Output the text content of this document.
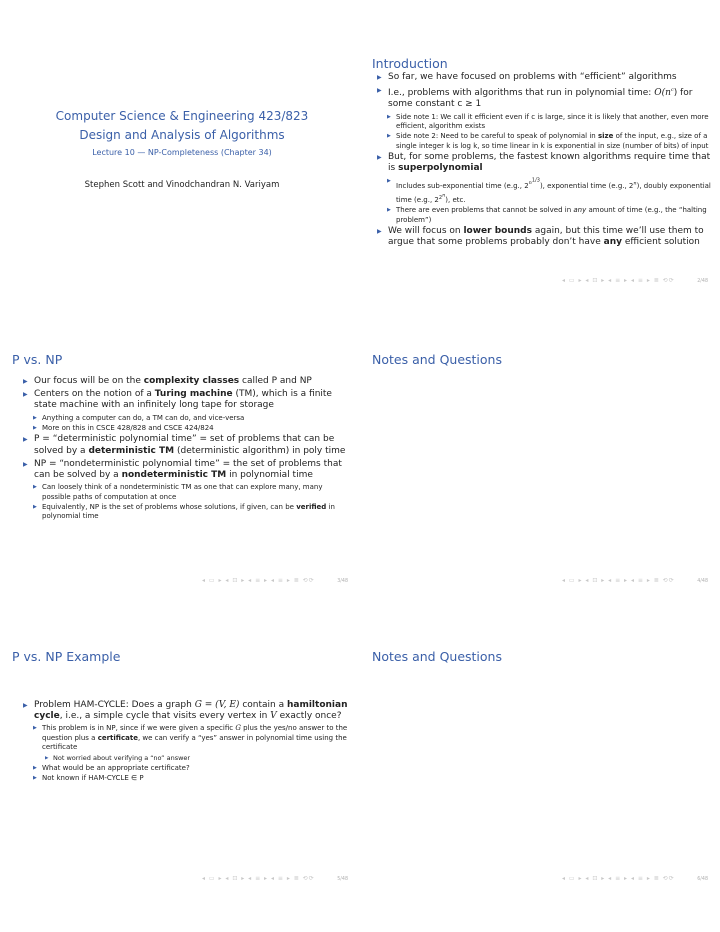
Computer Science & Engineering 423/823
Design and Analysis of Algorithms
Lecture 10 — NP-Completeness (Chapter 34)
Stephen Scott and Vinodchandran N. Variyam
Introduction
▶ So far, we have focused on problems with “efficient” algorithms
▶ I.e., problems with algorithms that run in polynomial time: $O(n^c)$ for some constant c ≥ 1
▶ Side note 1: We call it efficient even if c is large, since it is likely that another, even more efficient, algorithm exists
▶ Side note 2: Need to be careful to speak of polynomial in size of the input, e.g., size of a single integer k is log k, so time linear in k is exponential in size (number of bits) of input
▶ But, for some problems, the fastest known algorithms require time that is superpolynomial
▶ Includes sub-exponential time (e.g., $2^{n^{1/3}}$), exponential time (e.g., 2$^n$), doubly exponential time (e.g., $2^{2^n}$), etc.
▶ There are even problems that cannot be solved in any amount of time (e.g., the “halting problem”)
▶ We will focus on lower bounds again, but this time we’ll use them to argue that some problems probably don’t have any efficient solution
◂ ▭ ▸ ◂ ⊡ ▸ ◂ ≡ ▸ ◂ ≡ ▸ ≣ ⟲⟳	2/48
P vs. NP
▶ Our focus will be on the complexity classes called P and NP
▶ Centers on the notion of a Turing machine (TM), which is a finite state machine with an infinitely long tape for storage
▶ Anything a computer can do, a TM can do, and vice-versa
▶ More on this in CSCE 428/828 and CSCE 424/824
▶ P = “deterministic polynomial time” = set of problems that can be solved by a deterministic TM (deterministic algorithm) in poly time
▶ NP = “nondeterministic polynomial time” = the set of problems that can be solved by a nondeterministic TM in polynomial time
▶ Can loosely think of a nondeterministic TM as one that can explore many, many possible paths of computation at once
▶ Equivalently, NP is the set of problems whose solutions, if given, can be verified in polynomial time
◂ ▭ ▸ ◂ ⊡ ▸ ◂ ≡ ▸ ◂ ≡ ▸ ≣ ⟲⟳	3/48
Notes and Questions
◂ ▭ ▸ ◂ ⊡ ▸ ◂ ≡ ▸ ◂ ≡ ▸ ≣ ⟲⟳	4/48
P vs. NP Example
▶ Problem HAM-CYCLE: Does a graph G = (V, E) contain a hamiltonian cycle, i.e., a simple cycle that visits every vertex in V exactly once?
▶ This problem is in NP, since if we were given a specific G plus the yes/no answer to the question plus a certificate, we can verify a “yes” answer in polynomial time using the certificate
▶ Not worried about verifying a “no” answer
▶ What would be an appropriate certificate?
▶ Not known if HAM-CYCLE ∈ P
◂ ▭ ▸ ◂ ⊡ ▸ ◂ ≡ ▸ ◂ ≡ ▸ ≣ ⟲⟳	5/48
Notes and Questions
◂ ▭ ▸ ◂ ⊡ ▸ ◂ ≡ ▸ ◂ ≡ ▸ ≣ ⟲⟳	6/48
